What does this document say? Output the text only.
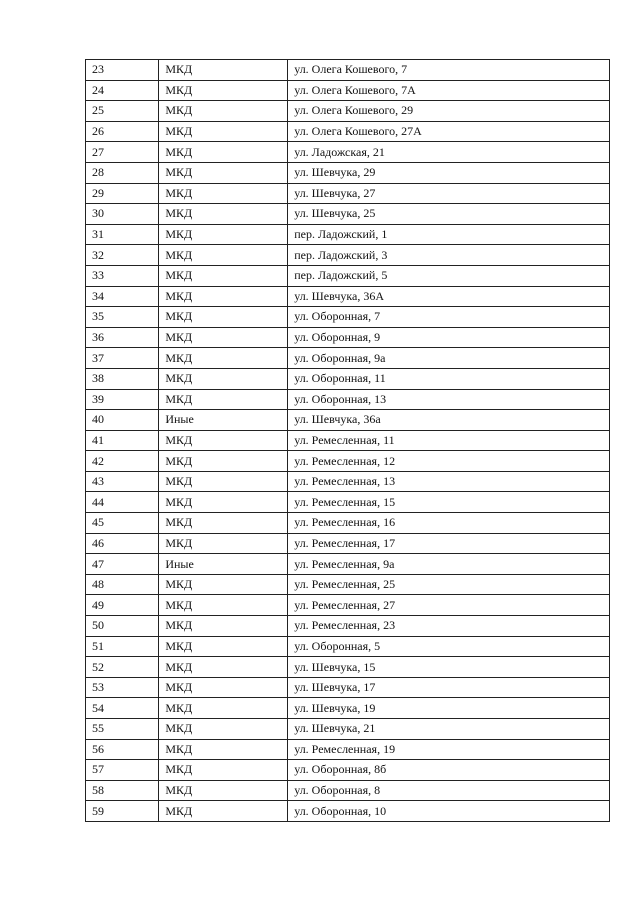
23	МКД	ул. Олега Кошевого, 7
24	МКД	ул. Олега Кошевого, 7А
25	МКД	ул. Олега Кошевого, 29
26	МКД	ул. Олега Кошевого, 27А
27	МКД	ул. Ладожская, 21
28	МКД	ул. Шевчука, 29
29	МКД	ул. Шевчука, 27
30	МКД	ул. Шевчука, 25
31	МКД	пер. Ладожский, 1
32	МКД	пер. Ладожский, 3
33	МКД	пер. Ладожский, 5
34	МКД	ул. Шевчука, 36А
35	МКД	ул. Оборонная, 7
36	МКД	ул. Оборонная, 9
37	МКД	ул. Оборонная, 9а
38	МКД	ул. Оборонная, 11
39	МКД	ул. Оборонная, 13
40	Иные	ул. Шевчука, 36а
41	МКД	ул. Ремесленная, 11
42	МКД	ул. Ремесленная, 12
43	МКД	ул. Ремесленная, 13
44	МКД	ул. Ремесленная, 15
45	МКД	ул. Ремесленная, 16
46	МКД	ул. Ремесленная, 17
47	Иные	ул. Ремесленная, 9а
48	МКД	ул. Ремесленная, 25
49	МКД	ул. Ремесленная, 27
50	МКД	ул. Ремесленная, 23
51	МКД	ул. Оборонная, 5
52	МКД	ул. Шевчука, 15
53	МКД	ул. Шевчука, 17
54	МКД	ул. Шевчука, 19
55	МКД	ул. Шевчука, 21
56	МКД	ул. Ремесленная, 19
57	МКД	ул. Оборонная, 8б
58	МКД	ул. Оборонная, 8
59	МКД	ул. Оборонная, 10
